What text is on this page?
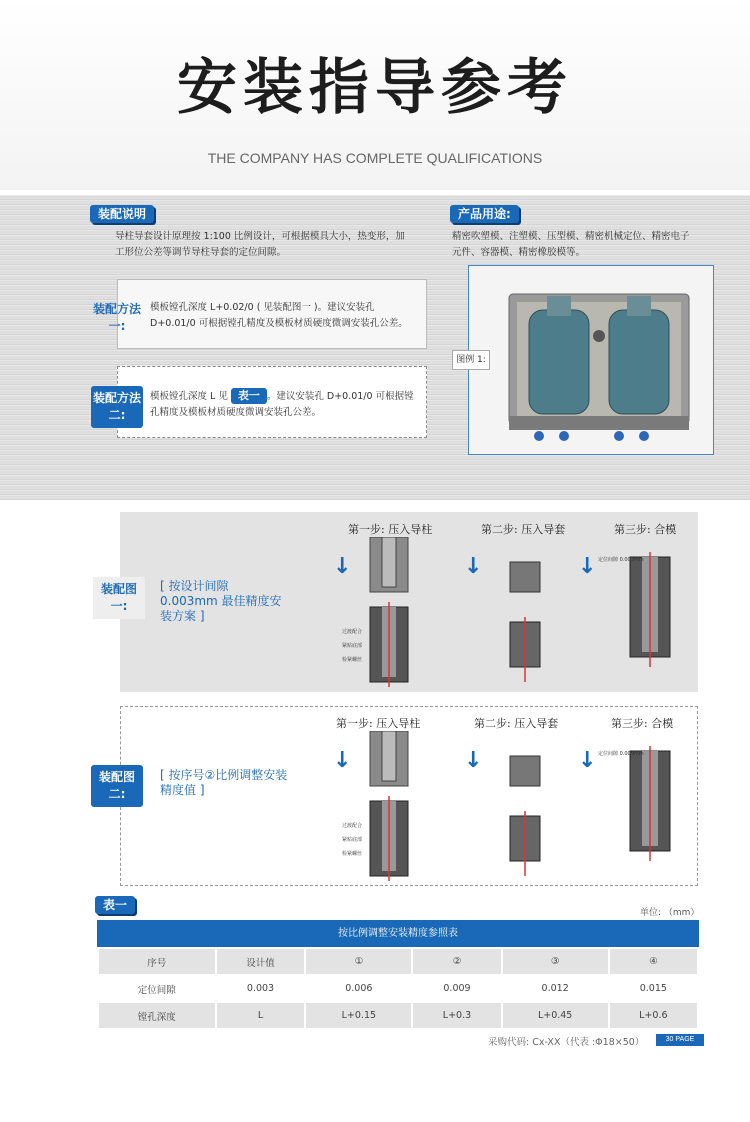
安装指导参考
THE COMPANY HAS COMPLETE QUALIFICATIONS
装配说明
导柱导套设计原理按 1:100 比例设计，可根据模具大小，热变形，加工形位公差等调节导柱导套的定位间隙。
装配方法一:
模板镗孔深度 L+0.02/0 ( 见装配图一 )。建议安装孔 D+0.01/0 可根据镗孔精度及模板材质硬度微调安装孔公差。
装配方法二:
模板镗孔深度 L 见 表一 。建议安装孔 D+0.01/0 可根据镗孔精度及模板材质硬度微调安装孔公差。
产品用途:
精密吹塑模、注塑模、压型模、精密机械定位、精密电子元件、容器模、精密橡胶模等。
图例 1:
装配图一:
[ 按设计间隙 0.003mm 最佳精度安装方案 ]
第一步: 压入导柱	第二步: 压入导套	第三步: 合模
↓	↓	↓
过渡配合
紧贴底部
检紧螺丝
定位间隙 0.003mm
装配图二:
[ 按序号②比例调整安装精度值 ]
第一步: 压入导柱	第二步: 压入导套	第三步: 合模
↓	↓	↓
过渡配合
紧贴底部
检紧螺丝
定位间隙 0.009mm
表一
单位: （mm）
按比例调整安装精度参照表
序号	设计值	①	②	③	④
定位间隙	0.003	0.006	0.009	0.012	0.015
镗孔深度	L	L+0.15	L+0.3	L+0.45	L+0.6
采购代码: Cx-XX（代表 :Φ18×50）	30 PAGE
